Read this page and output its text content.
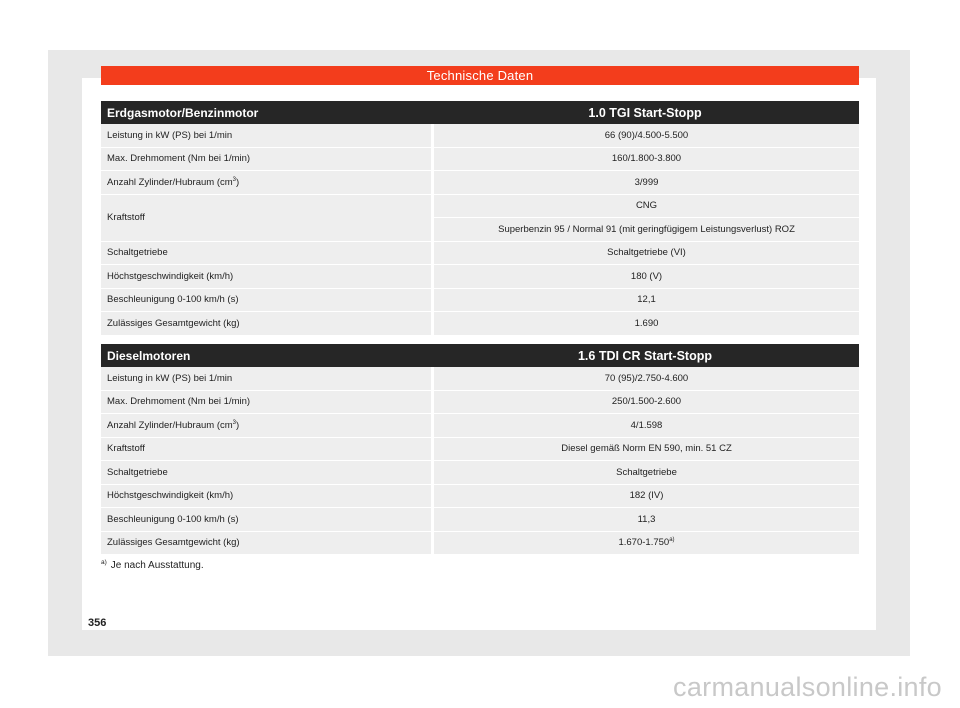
Technische Daten
Erdgasmotor/Benzinmotor	1.0 TGI Start-Stopp
Leistung in kW (PS) bei 1/min	66 (90)/4.500-5.500
Max. Drehmoment (Nm bei 1/min)	160/1.800-3.800
Anzahl Zylinder/Hubraum $(cm^3)$	3/999
Kraftstoff	CNG
	Superbenzin 95 / Normal 91 (mit geringfügigem Leistungsverlust) ROZ
Schaltgetriebe	Schaltgetriebe (VI)
Höchstgeschwindigkeit (km/h)	180 (V)
Beschleunigung 0-100 km/h (s)	12,1
Zulässiges Gesamtgewicht (kg)	1.690
Dieselmotoren	1.6 TDI CR Start-Stopp
Leistung in kW (PS) bei 1/min	70 (95)/2.750-4.600
Max. Drehmoment (Nm bei 1/min)	250/1.500-2.600
Anzahl Zylinder/Hubraum $(cm^3)$	4/1.598
Kraftstoff	Diesel gemäß Norm EN 590, min. 51 CZ
Schaltgetriebe	Schaltgetriebe
Höchstgeschwindigkeit (km/h)	182 (IV)
Beschleunigung 0-100 km/h (s)	11,3
Zulässiges Gesamtgewicht (kg)	1.670-1.750$^{a)}$
$^{a)}$ Je nach Ausstattung.
356
carmanualsonline.info
